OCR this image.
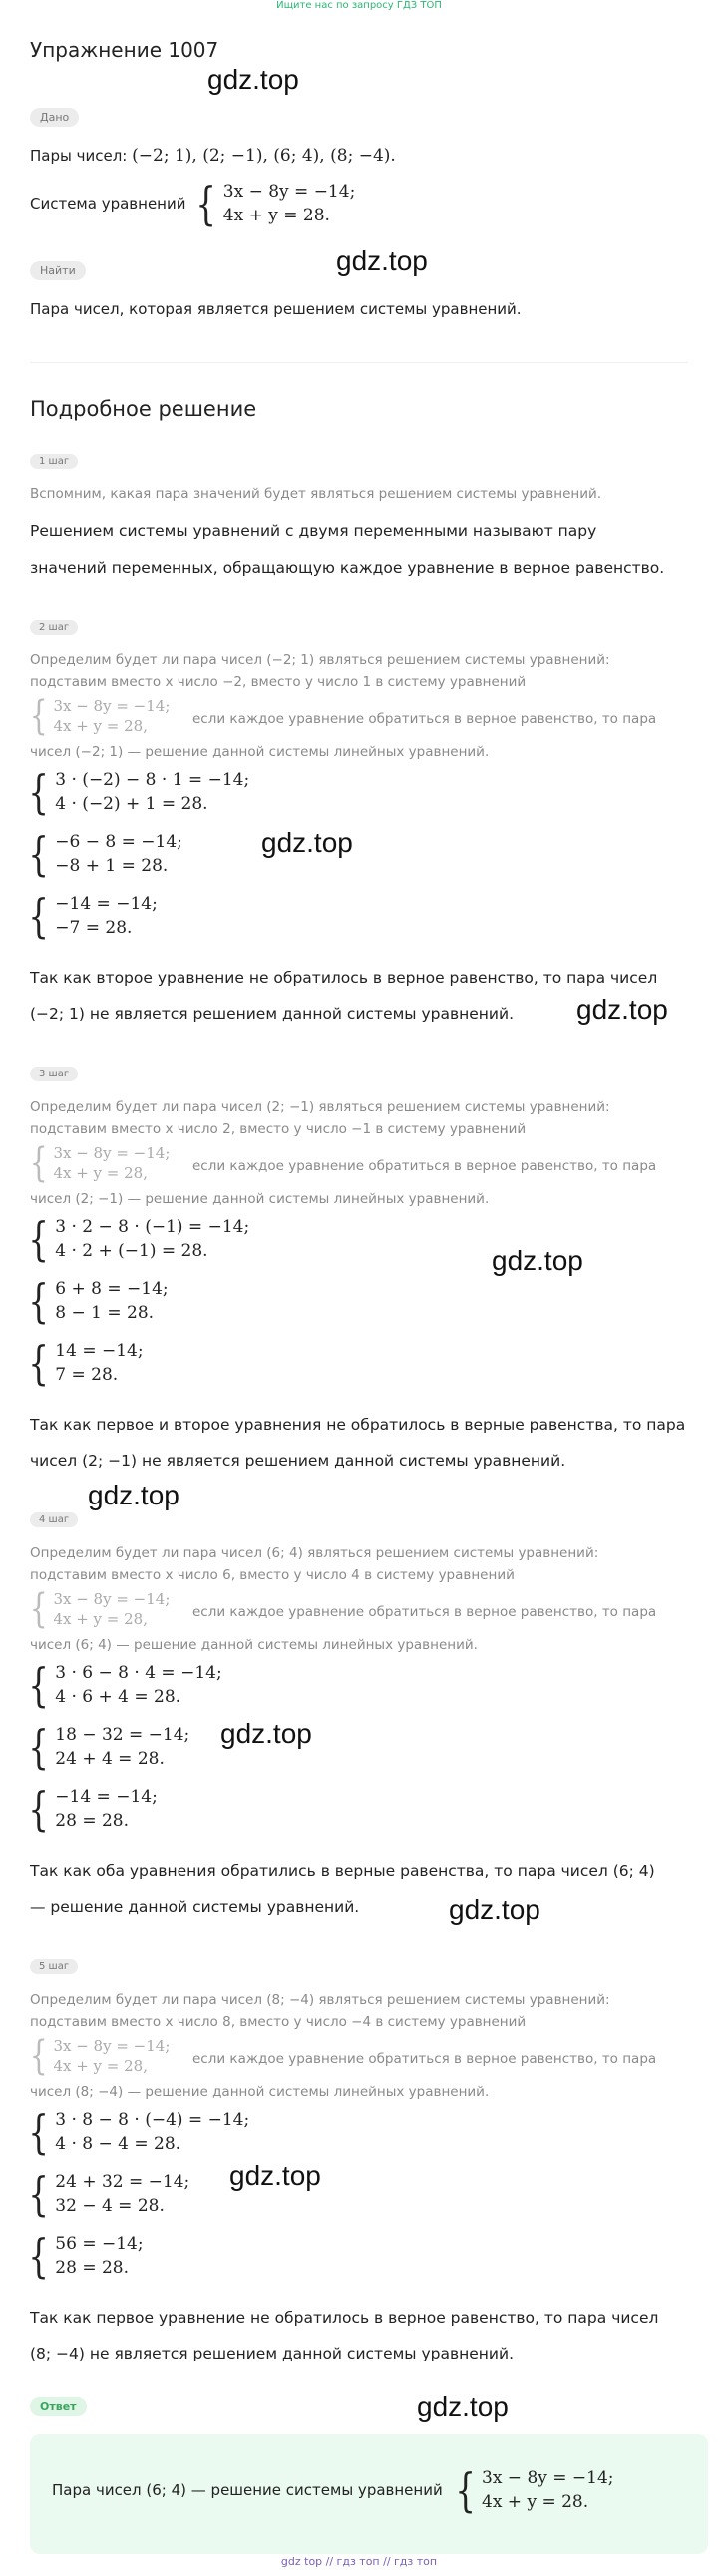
Ищите нас по запросу ГДЗ ТОП
Упражнение 1007
Дано
Пары чисел: (−2; 1), (2; −1), (6; 4), (8; −4).
Система уравнений { 3x − 8y = −14;
4x + y = 28.
Найти
Пара чисел, которая является решением системы уравнений.
Подробное решение
1 шаг
Вспомним, какая пара значений будет являться решением системы уравнений.
Решением системы уравнений с двумя переменными называют пару
значений переменных, обращающую каждое уравнение в верное равенство.
2 шаг
Определим будет ли пара чисел (−2; 1) являться решением системы уравнений:
подставим вместо x число −2, вместо y число 1 в систему уравнений
{ 3x − 8y = −14;
4x + y = 28,	если каждое уравнение обратиться в верное равенство, то пара
чисел (−2; 1) — решение данной системы линейных уравнений.
{ 3 · (−2) − 8 · 1 = −14;
4 · (−2) + 1 = 28.
{ −6 − 8 = −14;
−8 + 1 = 28.
{ −14 = −14;
−7 = 28.
Так как второе уравнение не обратилось в верное равенство, то пара чисел
(−2; 1) не является решением данной системы уравнений.
3 шаг
Определим будет ли пара чисел (2; −1) являться решением системы уравнений:
подставим вместо x число 2, вместо y число −1 в систему уравнений
{ 3x − 8y = −14;
4x + y = 28,	если каждое уравнение обратиться в верное равенство, то пара
чисел (2; −1) — решение данной системы линейных уравнений.
{ 3 · 2 − 8 · (−1) = −14;
4 · 2 + (−1) = 28.
{ 6 + 8 = −14;
8 − 1 = 28.
{ 14 = −14;
7 = 28.
Так как первое и второе уравнения не обратилось в верные равенства, то пара
чисел (2; −1) не является решением данной системы уравнений.
4 шаг
Определим будет ли пара чисел (6; 4) являться решением системы уравнений:
подставим вместо x число 6, вместо y число 4 в систему уравнений
{ 3x − 8y = −14;
4x + y = 28,	если каждое уравнение обратиться в верное равенство, то пара
чисел (6; 4) — решение данной системы линейных уравнений.
{ 3 · 6 − 8 · 4 = −14;
4 · 6 + 4 = 28.
{ 18 − 32 = −14;
24 + 4 = 28.
{ −14 = −14;
28 = 28.
Так как оба уравнения обратились в верные равенства, то пара чисел (6; 4)
— решение данной системы уравнений.
5 шаг
Определим будет ли пара чисел (8; −4) являться решением системы уравнений:
подставим вместо x число 8, вместо y число −4 в систему уравнений
{ 3x − 8y = −14;
4x + y = 28,	если каждое уравнение обратиться в верное равенство, то пара
чисел (8; −4) — решение данной системы линейных уравнений.
{ 3 · 8 − 8 · (−4) = −14;
4 · 8 − 4 = 28.
{ 24 + 32 = −14;
32 − 4 = 28.
{ 56 = −14;
28 = 28.
Так как первое уравнение не обратилось в верное равенство, то пара чисел
(8; −4) не является решением данной системы уравнений.
Ответ
Пара чисел (6; 4) — решение системы уравнений { 3x − 8y = −14;
4x + y = 28.
gdz.top
gdz.top
gdz.top
gdz.top
gdz.top
gdz.top
gdz.top
gdz.top
gdz.top
gdz.top
gdz top // гдз топ // гдз топ
